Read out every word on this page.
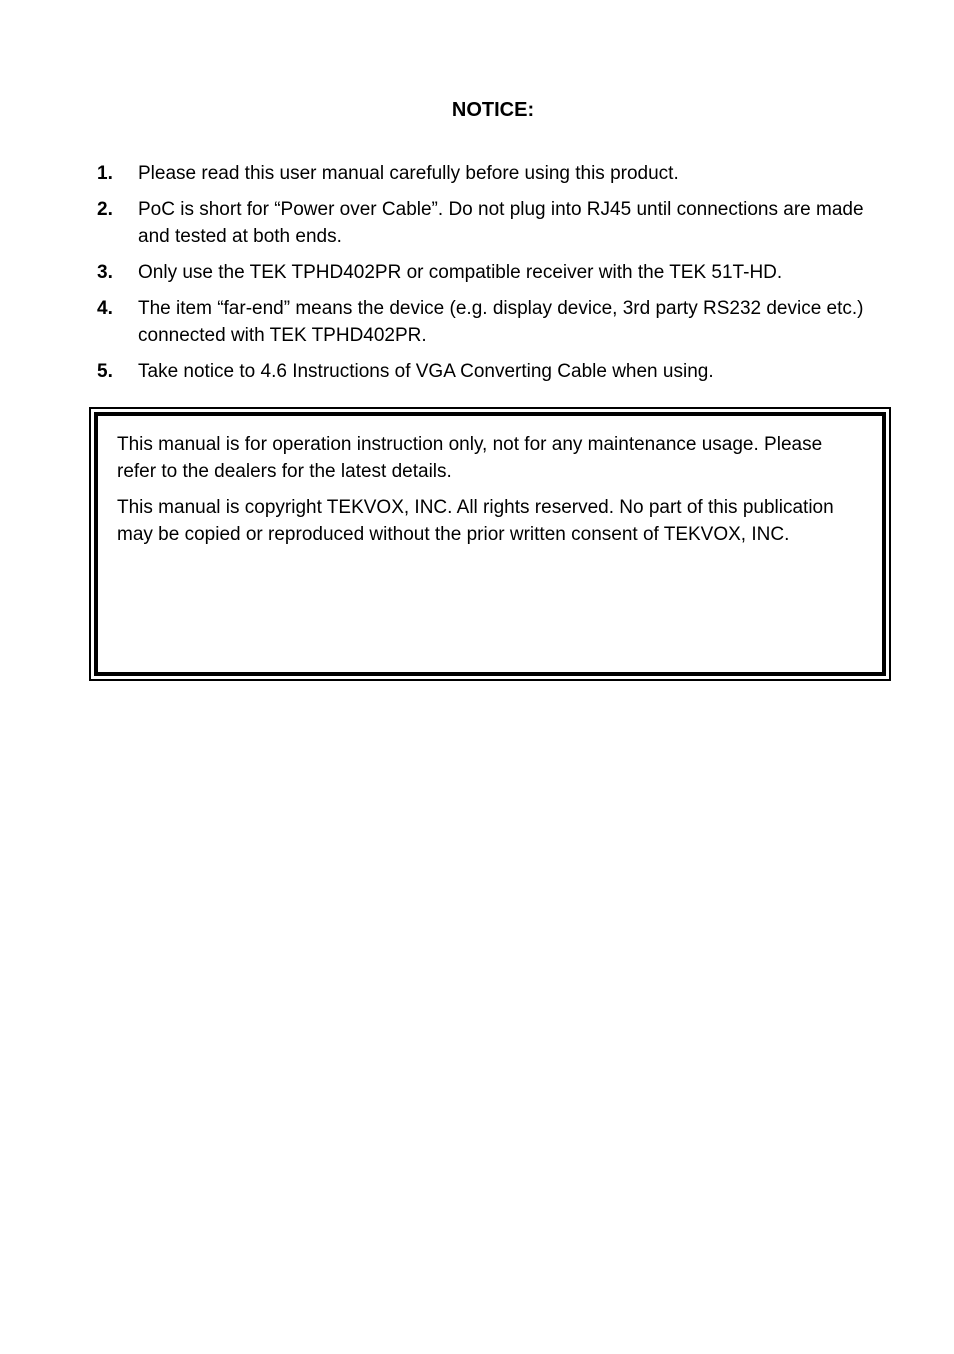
NOTICE:
1. Please read this user manual carefully before using this product.
2. PoC is short for “Power over Cable”. Do not plug into RJ45 until connections are made and tested at both ends.
3. Only use the TEK TPHD402PR or compatible receiver with the TEK 51T-HD.
4. The item “far-end” means the device (e.g. display device, 3rd party RS232 device etc.) connected with TEK TPHD402PR.
5. Take notice to 4.6 Instructions of VGA Converting Cable when using.

This manual is for operation instruction only, not for any maintenance usage. Please refer to the dealers for the latest details.

This manual is copyright TEKVOX, INC. All rights reserved. No part of this publication may be copied or reproduced without the prior written consent of TEKVOX, INC.
